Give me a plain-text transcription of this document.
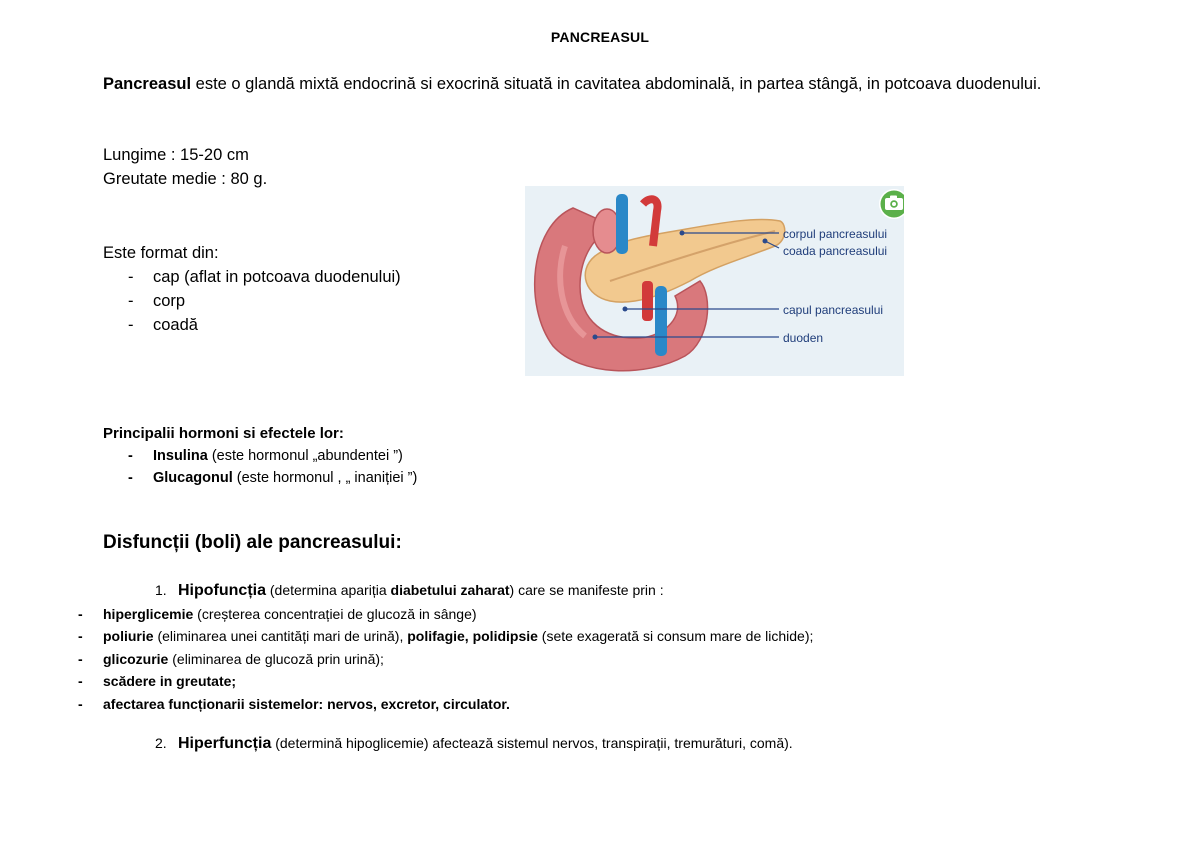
PANCREASUL
Pancreasul este o glandă mixtă endocrină si exocrină situată in cavitatea abdominală, in partea stângă, in potcoava duodenului.
Lungime : 15-20 cm
Greutate medie : 80 g.
Este format din:
- cap (aflat in potcoava duodenului)
- corp
- coadă
corpul pancreasului
coada pancreasului
capul pancreasului
duoden
Principalii hormoni si efectele lor:
- Insulina (este hormonul „abundentei ”)
- Glucagonul (este hormonul , „ inaniției ”)
Disfuncții (boli) ale pancreasului:
1. Hipofuncția (determina apariția diabetului zaharat) care se manifeste prin :
- hiperglicemie (creșterea concentrației de glucoză in sânge)
- poliurie (eliminarea unei cantități mari de urină), polifagie, polidipsie (sete exagerată si consum mare de lichide);
- glicozurie (eliminarea de glucoză prin urină);
- scădere in greutate;
- afectarea funcționarii sistemelor: nervos, excretor, circulator.
2. Hiperfuncția (determină hipoglicemie) afectează sistemul nervos, transpirații, tremurături, comă).
